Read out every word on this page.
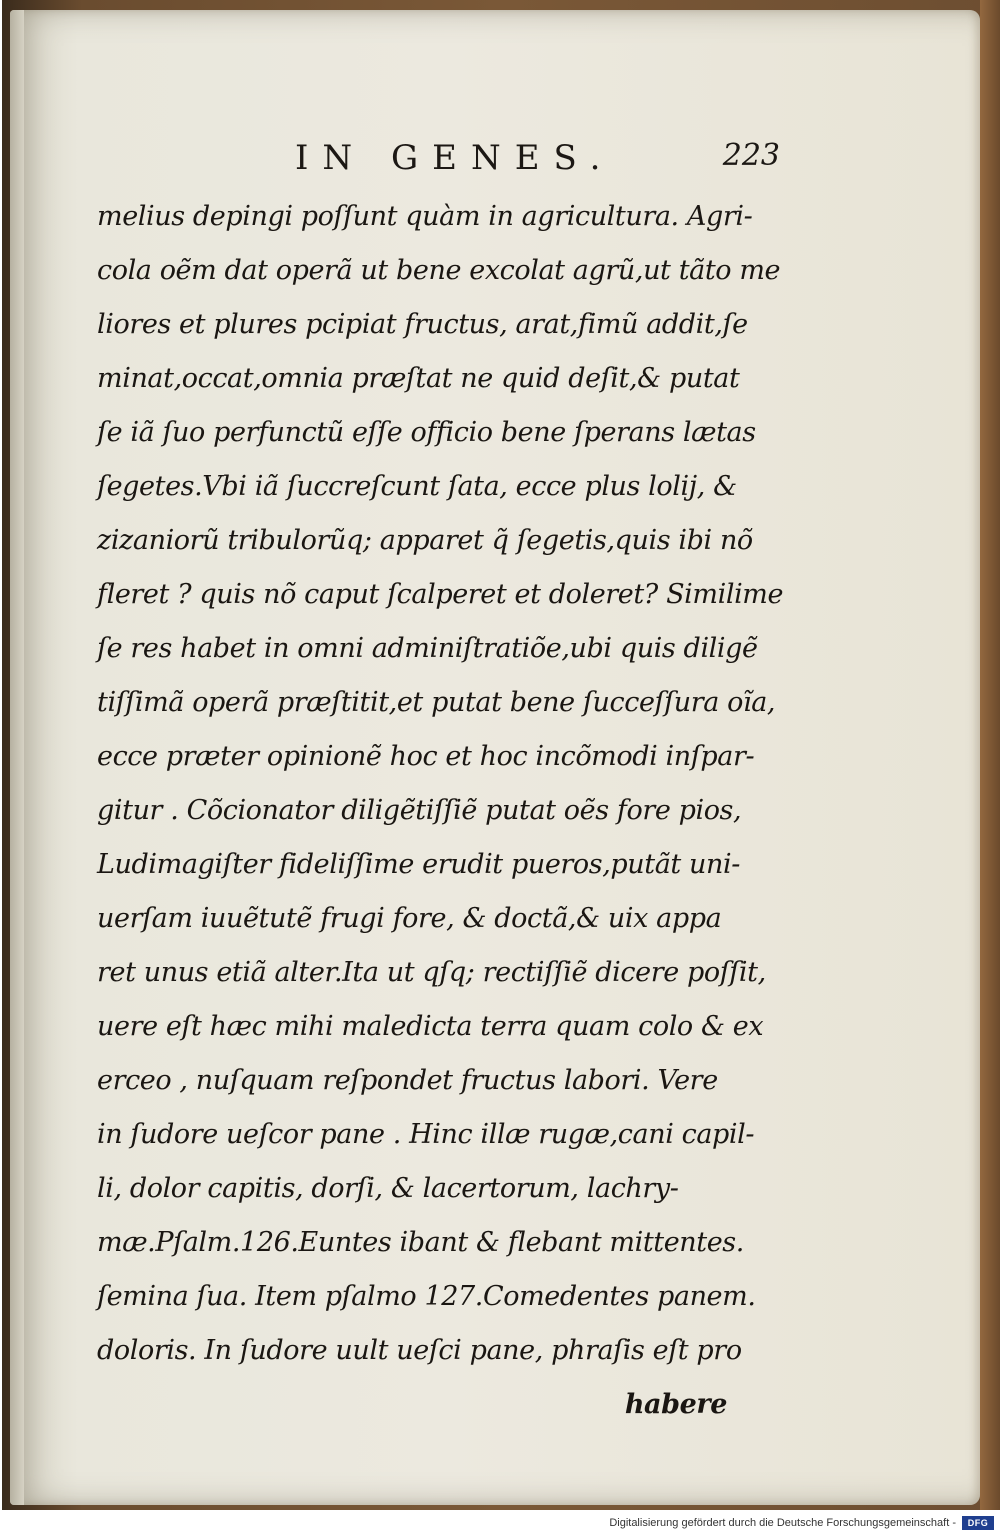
IN GENES.	223
melius depingi poſſunt quàm in agricultura. Agri-
cola oẽm dat operã ut bene excolat agrũ,ut tãto me
liores et plures pcipiat fructus, arat,fimũ addit,ſe
minat,occat,omnia præſtat ne quid deſit,& putat
ſe iã ſuo perfunctũ eſſe officio bene ſperans lætas
ſegetes.Vbi iã ſuccreſcunt ſata, ecce plus lolij, &
zizaniorũ tribulorũq; apparet q̃ ſegetis,quis ibi nõ
fleret ? quis nõ caput ſcalperet et doleret? Similime
ſe res habet in omni adminiſtratiõe,ubi quis diligẽ
tiſſimã operã præſtitit,et putat bene ſucceſſura oĩa,
ecce præter opinionẽ hoc et hoc incõmodi inſpar-
gitur . Cõcionator diligẽtiſſiẽ putat oẽs fore pios,
Ludimagiſter fideliſſime erudit pueros,putãt uni-
uerſam iuuẽtutẽ frugi fore, & doctã,& uix appa
ret unus etiã alter.Ita ut qſq; rectiſſiẽ dicere poſſit,
uere eſt hæc mihi maledicta terra quam colo & ex
erceo , nuſquam reſpondet fructus labori. Vere
in ſudore ueſcor pane . Hinc illæ rugæ,cani capil-
li, dolor capitis, dorſi, & lacertorum, lachry-
mæ.Pſalm.126.Euntes ibant & flebant mittentes.
ſemina ſua. Item pſalmo 127.Comedentes panem.
doloris. In ſudore uult ueſci pane, phraſis eſt pro
habere
Digitalisierung gefördert durch die Deutsche Forschungsgemeinschaft -	DFG
